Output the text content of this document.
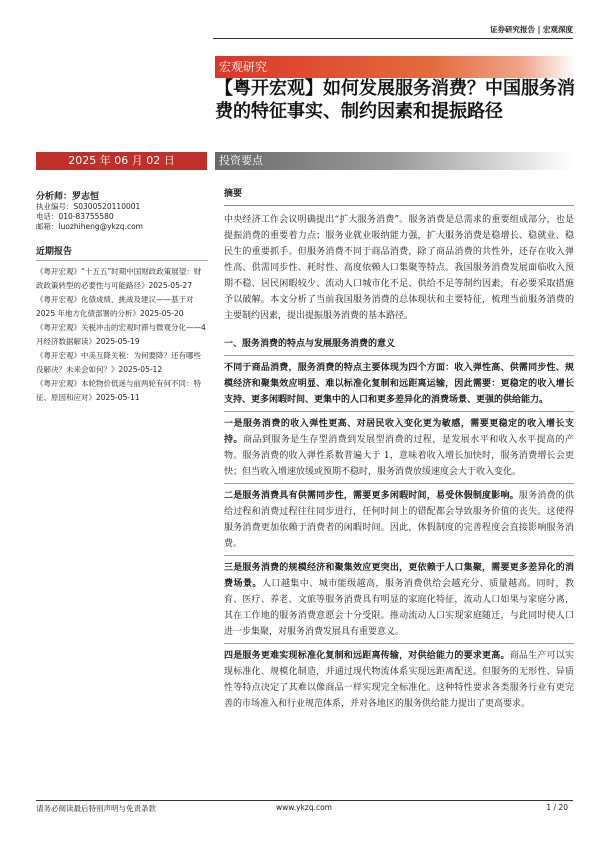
证券研究报告 | 宏观深度
宏观研究
【粤开宏观】如何发展服务消费？中国服务消费的特征事实、制约因素和提振路径
2025 年 06 月 02 日	投资要点
分析师：罗志恒
执业编号：S0300520110001
电话：010-83755580
邮箱：luozhiheng@ykzq.com
近期报告
《粤开宏观》“十五五”时期中国财政政策展望：财政政策转型的必要性与可能路径》2025-05-27
《粤开宏观》化债成绩、挑战及建议——基于对 2025 年地方化债部署的分析》2025-05-20
《粤开宏观》关税冲击的宏观时滞与微观分化——4 月经济数据解读》2025-05-19
《粤开宏观》中美互降关税：为何要降？还有哪些没解决？未来会如何？》2025-05-12
《粤开宏观》本轮物价低迷与前两轮有何不同：特征、原因和应对》2025-05-11
摘要

中央经济工作会议明确提出“扩大服务消费”。服务消费是总需求的重要组成部分，也是提振消费的重要着力点；服务业就业吸纳能力强，扩大服务消费是稳增长、稳就业、稳民生的重要抓手。但服务消费不同于商品消费，除了商品消费的共性外，还存在收入弹性高、供需同步性、耗时性、高度依赖人口集聚等特点。我国服务消费发展面临收入预期不稳、居民闲暇较少、流动人口城市化不足、供给不足等制约因素，有必要采取措施予以破解。本文分析了当前我国服务消费的总体现状和主要特征，梳理当前服务消费的主要制约因素，提出提振服务消费的基本路径。

一、服务消费的特点与发展服务消费的意义

不同于商品消费，服务消费的特点主要体现为四个方面：收入弹性高、供需同步性、规模经济和聚集效应明显、难以标准化复制和远距离运输，因此需要：更稳定的收入增长支持、更多闲暇时间、更集中的人口和更多差异化的消费场景、更强的供给能力。

一是服务消费的收入弹性更高、对居民收入变化更为敏感，需要更稳定的收入增长支持。商品到服务是生存型消费到发展型消费的过程，是发展水平和收入水平提高的产物。服务消费的收入弹性系数普遍大于 1，意味着收入增长加快时，服务消费增长会更快；但当收入增速放缓或预期不稳时，服务消费放缓速度会大于收入变化。

二是服务消费具有供需同步性，需要更多闲暇时间，易受休假制度影响。服务消费的供给过程和消费过程往往同步进行，任何时间上的错配都会导致服务价值的丧失。这使得服务消费更加依赖于消费者的闲暇时间。因此，休假制度的完善程度会直接影响服务消费。

三是服务消费的规模经济和聚集效应更突出，更依赖于人口集聚，需要更多差异化的消费场景。人口越集中、城市能级越高，服务消费供给会越充分、质量越高。同时，教育、医疗、养老、文旅等服务消费具有明显的家庭化特征，流动人口如果与家庭分离，其在工作地的服务消费意愿会十分受限。推动流动人口实现家庭随迁，与此同时使人口进一步集聚，对服务消费发展具有重要意义。

四是服务更难实现标准化复制和远距离传输，对供给能力的要求更高。商品生产可以实现标准化、规模化制造，并通过现代物流体系实现远距离配送。但服务的无形性、异质性等特点决定了其难以像商品一样实现完全标准化。这种特性要求各类服务行业有更完善的市场准入和行业规范体系，并对各地区的服务供给能力提出了更高要求。

请务必阅读最后特别声明与免责条款	www.ykzq.com	1 / 20
